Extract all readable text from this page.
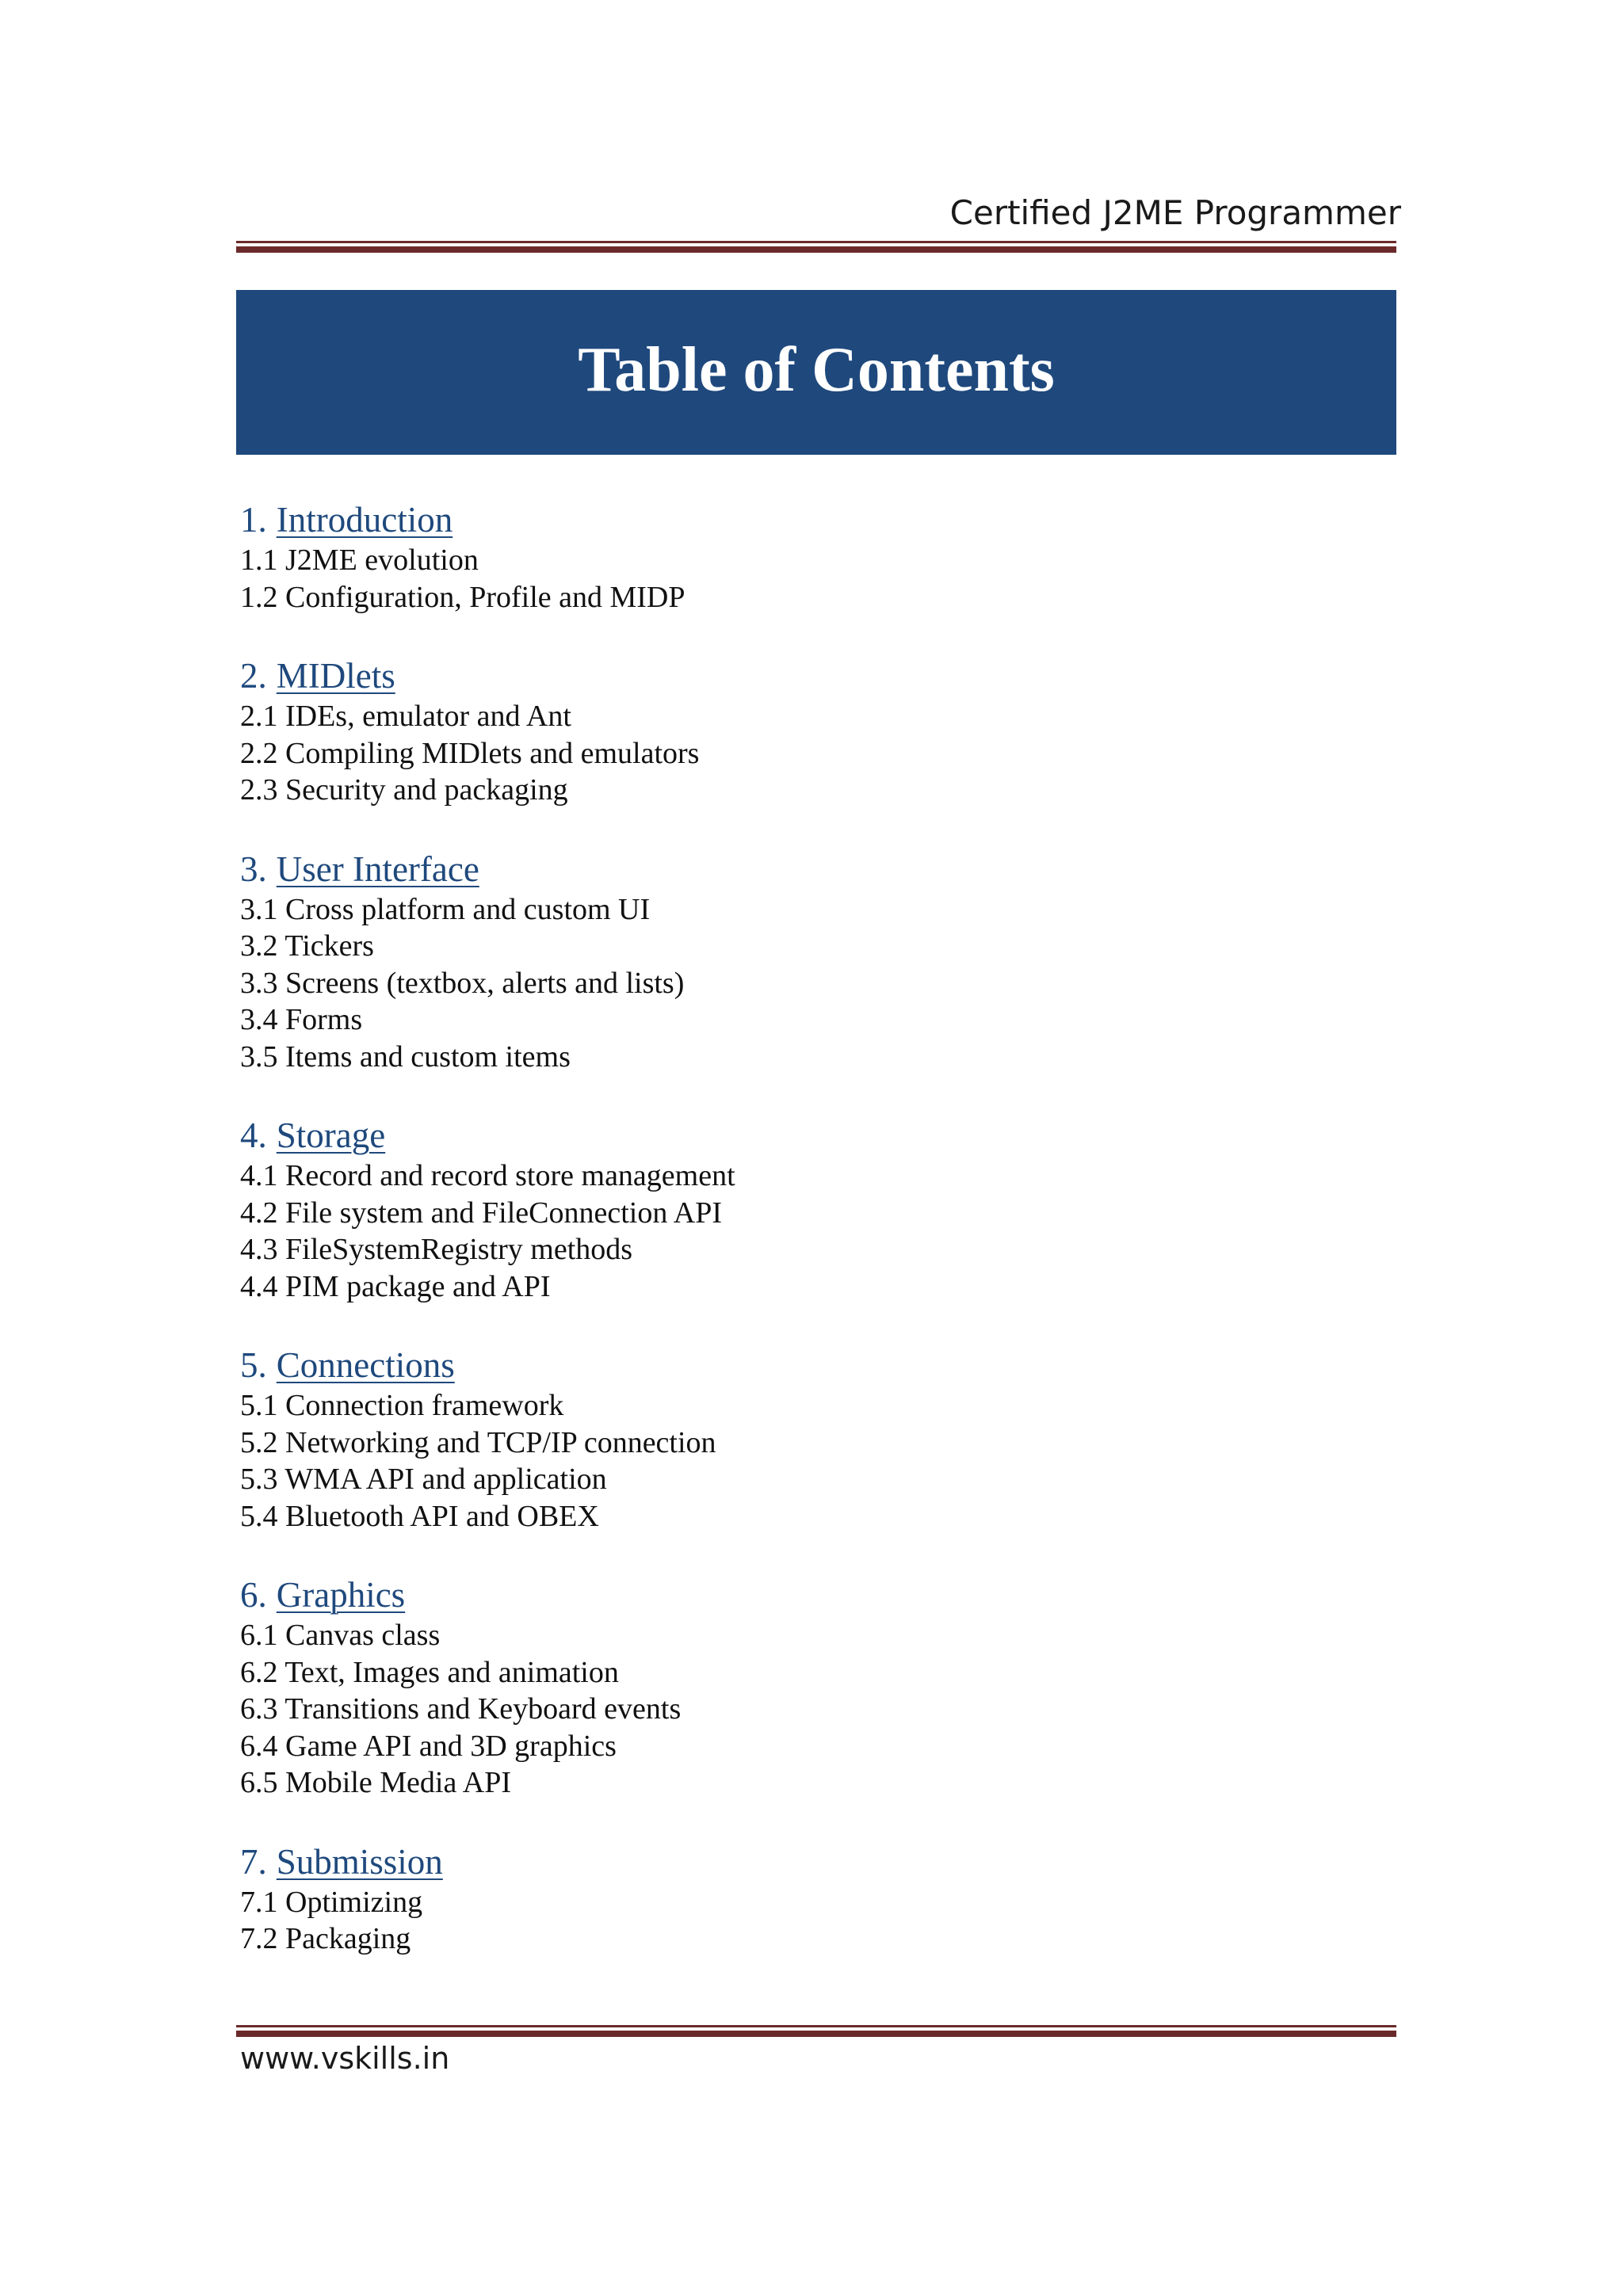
Certified J2ME Programmer
Table of Contents
1. Introduction
1.1 J2ME evolution
1.2 Configuration, Profile and MIDP
2. MIDlets
2.1 IDEs, emulator and Ant
2.2 Compiling MIDlets and emulators
2.3 Security and packaging
3. User Interface
3.1 Cross platform and custom UI
3.2 Tickers
3.3 Screens (textbox, alerts and lists)
3.4 Forms
3.5 Items and custom items
4. Storage
4.1 Record and record store management
4.2 File system and FileConnection API
4.3 FileSystemRegistry methods
4.4 PIM package and API
5. Connections
5.1 Connection framework
5.2 Networking and TCP/IP connection
5.3 WMA API and application
5.4 Bluetooth API and OBEX
6. Graphics
6.1 Canvas class
6.2 Text, Images and animation
6.3 Transitions and Keyboard events
6.4 Game API and 3D graphics
6.5 Mobile Media API
7. Submission
7.1 Optimizing
7.2 Packaging
www.vskills.in
